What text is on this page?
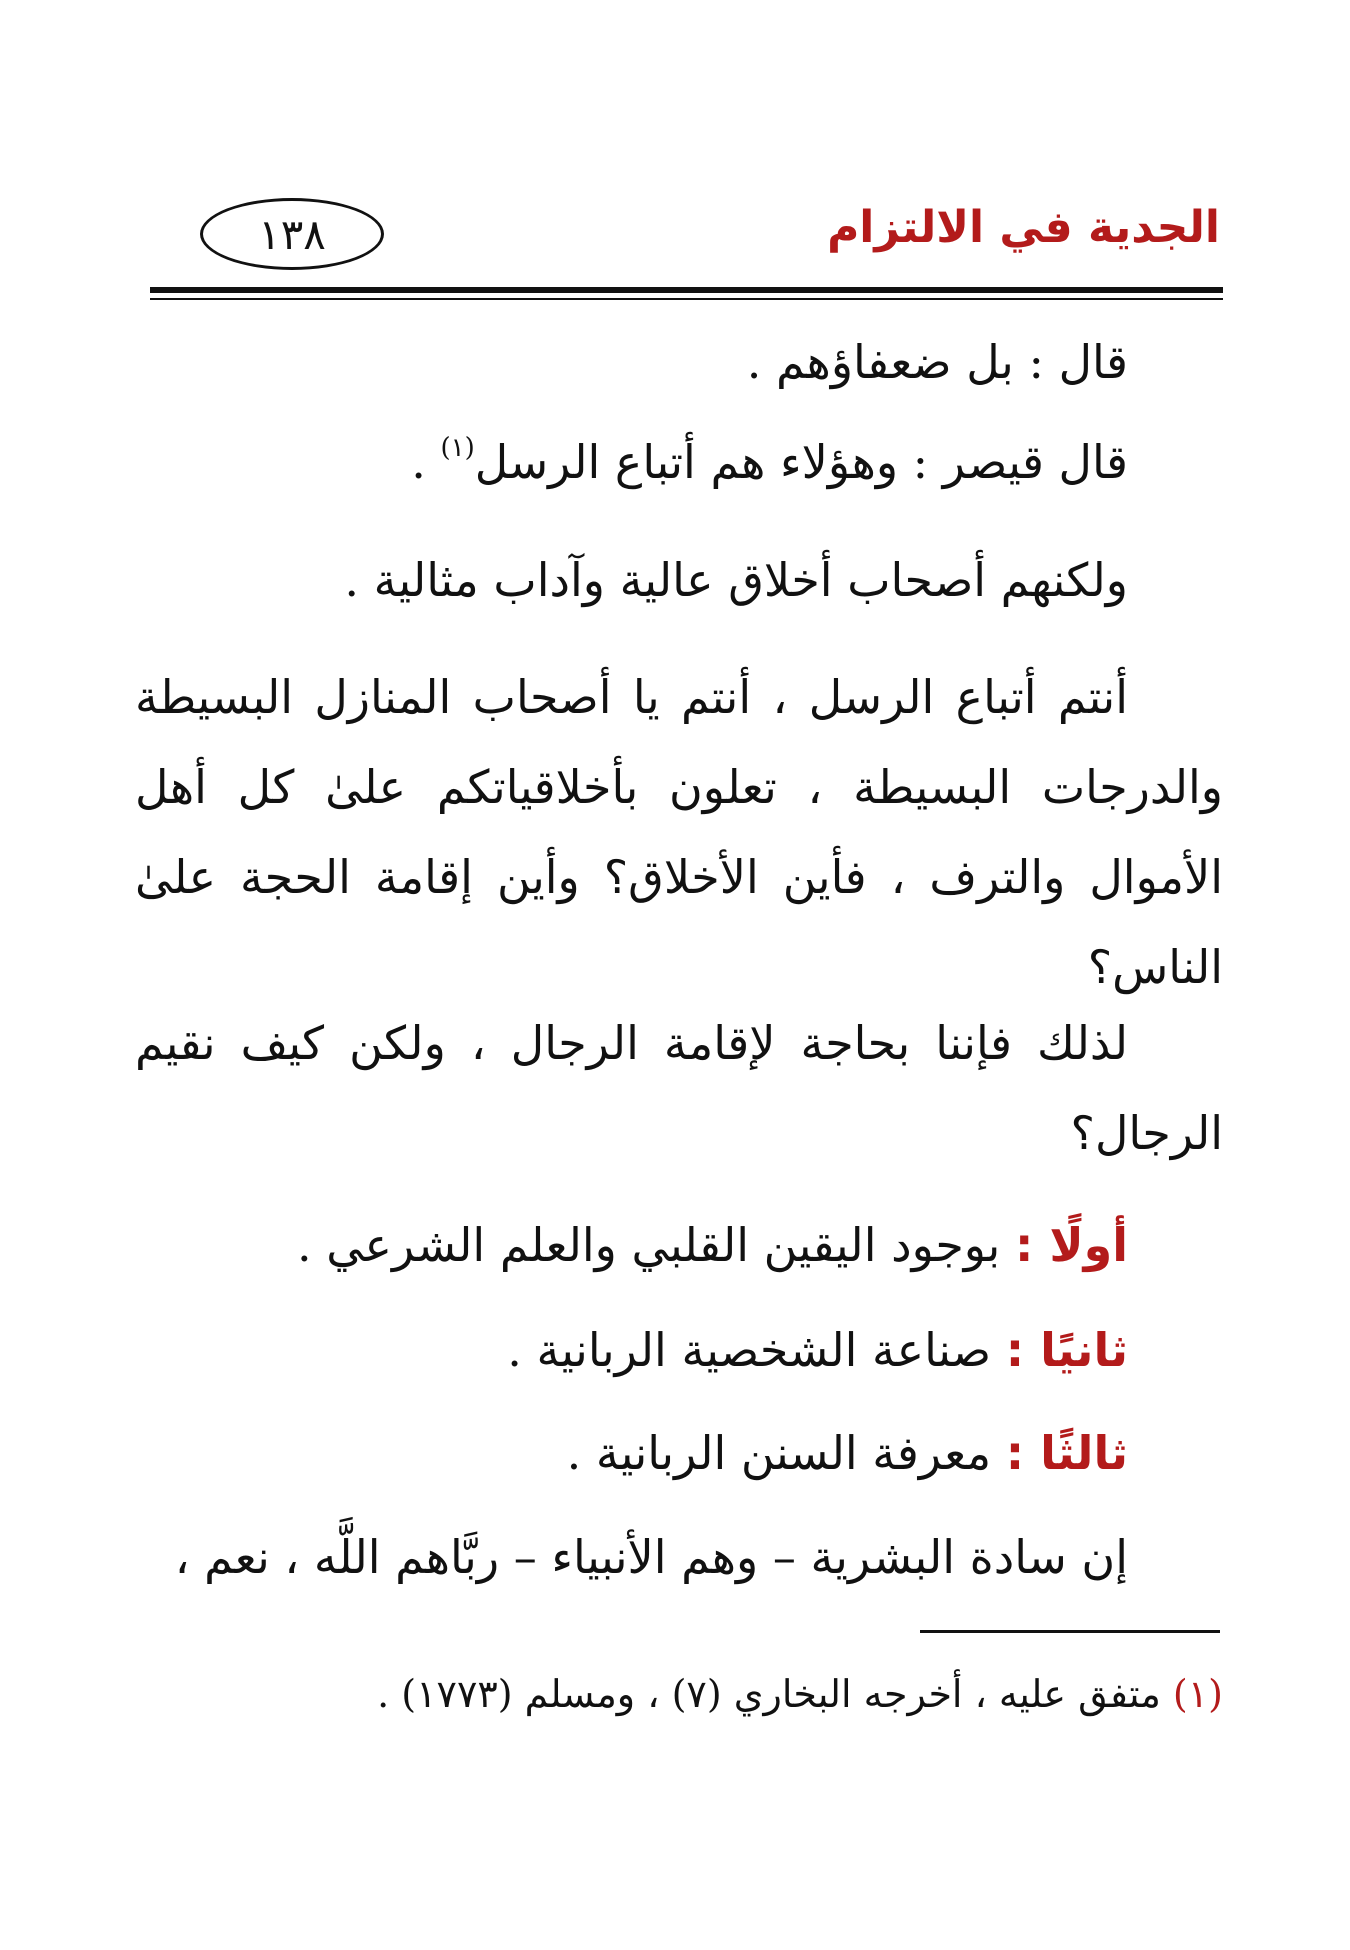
الجدية في الالتزام
١٣٨
قال : بل ضعفاؤهم .
قال قيصر : وهؤلاء هم أتباع الرسل$^{(١)}$ .
ولكنهم أصحاب أخلاق عالية وآداب مثالية .
أنتم أتباع الرسل ، أنتم يا أصحاب المنازل البسيطة والدرجات البسيطة ، تعلون بأخلاقياتكم علىٰ كل أهل الأموال والترف ، فأين الأخلاق؟ وأين إقامة الحجة علىٰ الناس؟
لذلك فإننا بحاجة لإقامة الرجال ، ولكن كيف نقيم الرجال؟
أولًا : بوجود اليقين القلبي والعلم الشرعي .
ثانيًا : صناعة الشخصية الربانية .
ثالثًا : معرفة السنن الربانية .
إن سادة البشرية – وهم الأنبياء – ربَّاهم اللَّه ، نعم ،
(١) متفق عليه ، أخرجه البخاري (٧) ، ومسلم (١٧٧٣) .
